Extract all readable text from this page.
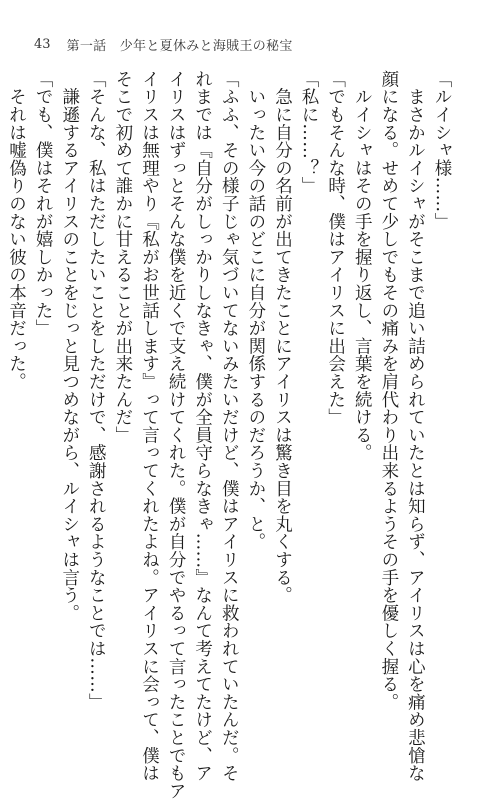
43 第一話　少年と夏休みと海賊王の秘宝
「ルイシャ様……」
　まさかルイシャがそこまで追い詰められていたとは知らず、アイリスは心を痛め悲愴な
顔になる。せめて少しでもその痛みを肩代わり出来るようその手を優しく握る。
　ルイシャはその手を握り返し、言葉を続ける。
「でもそんな時、僕はアイリスに出会えた」
「私に……？」
　急に自分の名前が出てきたことにアイリスは驚き目を丸くする。
　いったい今の話のどこに自分が関係するのだろうか、と。
「ふふ、その様子じゃ気づいてないみたいだけど、僕はアイリスに救われていたんだ。そ
れまでは『自分がしっかりしなきゃ、僕が全員守らなきゃ……』なんて考えてたけど、ア
イリスはずっとそんな僕を近くで支え続けてくれた。僕が自分でやるって言ったことでもア
イリスは無理やり『私がお世話します』って言ってくれたよね。アイリスに会って、僕は
そこで初めて誰かに甘えることが出来たんだ」
「そんな、私はただしたいことをしただけで、感謝されるようなことでは……」
　謙遜するアイリスのことをじっと見つめながら、ルイシャは言う。
「でも、僕はそれが嬉しかった」
　それは嘘偽りのない彼の本音だった。
